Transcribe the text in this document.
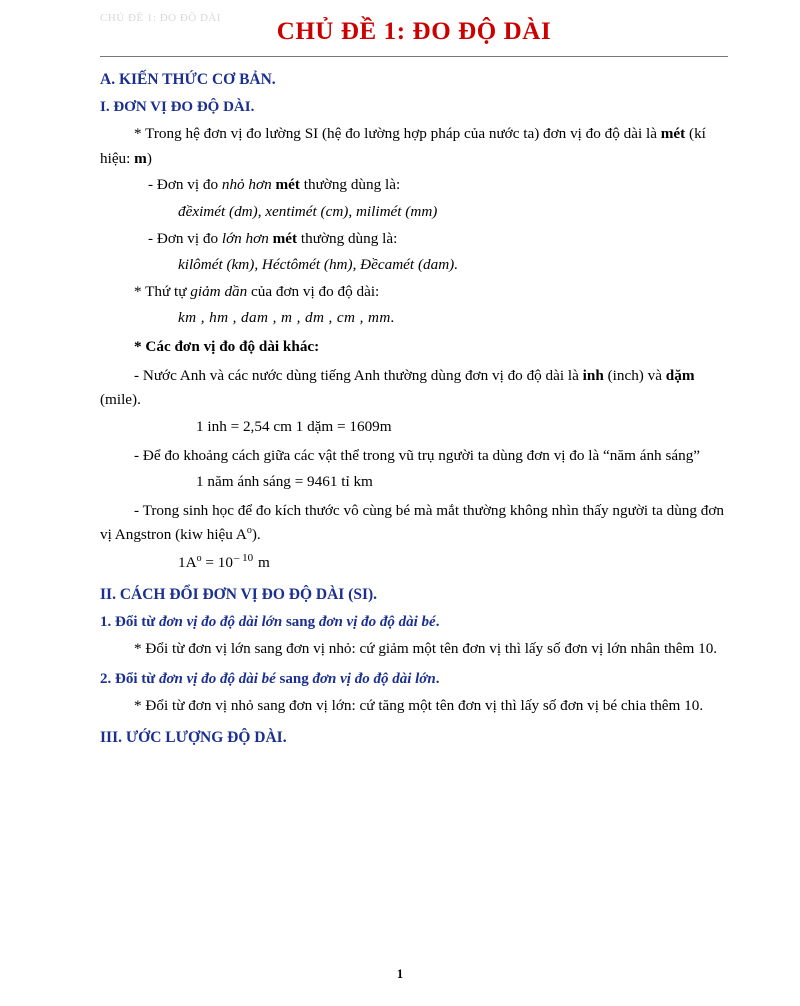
CHỦ ĐỀ 1: ĐO ĐỘ DÀI	CHỦ ĐỀ 1: ĐO ĐỘ DÀI
A. KIẾN THỨC CƠ BẢN.
I. ĐƠN VỊ ĐO ĐỘ DÀI.

* Trong hệ đơn vị đo lường SI (hệ đo lường hợp pháp của nước ta) đơn vị đo độ dài là mét (kí hiệu: m)

- Đơn vị đo nhỏ hơn mét thường dùng là:

đềximét (dm), xentimét (cm), milimét (mm)

- Đơn vị đo lớn hơn mét thường dùng là:

kilômét (km), Héctômét (hm), Đềcamét (dam).

* Thứ tự giảm dần của đơn vị đo độ dài:

km , hm , dam , m , dm , cm , mm.

* Các đơn vị đo độ dài khác:

- Nước Anh và các nước dùng tiếng Anh thường dùng đơn vị đo độ dài là inh (inch) và dặm (mile).

1 inh = 2,54 cm 1 dặm = 1609m

- Để đo khoảng cách giữa các vật thể trong vũ trụ người ta dùng đơn vị đo là “năm ánh sáng”

1 năm ánh sáng = 9461 tỉ km

- Trong sinh học để đo kích thước vô cùng bé mà mắt thường không nhìn thấy người ta dùng đơn vị Angstron (kiw hiệu $A^o$).

$1A^o = 10^{- 10}$ m

II. CÁCH ĐỔI ĐƠN VỊ ĐO ĐỘ DÀI (SI).
1. Đổi từ đơn vị đo độ dài lớn sang đơn vị đo độ dài bé.

* Đổi từ đơn vị lớn sang đơn vị nhỏ: cứ giảm một tên đơn vị thì lấy số đơn vị lớn nhân thêm 10.

2. Đổi từ đơn vị đo độ dài bé sang đơn vị đo độ dài lớn.

* Đổi từ đơn vị nhỏ sang đơn vị lớn: cứ tăng một tên đơn vị thì lấy số đơn vị bé chia thêm 10.

III. ƯỚC LƯỢNG ĐỘ DÀI.
1
